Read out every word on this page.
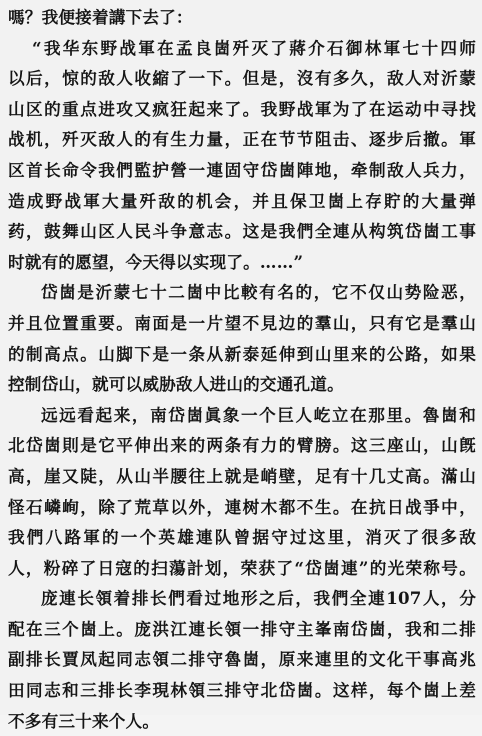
嗎？我便接着講下去了：
“我华东野战軍在孟良崮歼灭了蔣介石御林軍七十四师
以后，惊的敌人收縮了一下。但是，沒有多久，敌人对沂蒙
山区的重点进攻又疯狂起来了。我野战軍为了在运动中寻找
战机，歼灭敌人的有生力量，正在节节阻击、逐步后撤。軍
区首长命令我們監护營一連固守岱崮陣地，牵制敌人兵力，
造成野战軍大量歼敌的机会，并且保卫崮上存貯的大量弹
药，鼓舞山区人民斗争意志。这是我們全連从构筑岱崮工事
时就有的愿望，今天得以实现了。……”
岱崮是沂蒙七十二崮中比較有名的，它不仅山势险恶，
并且位置重要。南面是一片望不見边的羣山，只有它是羣山
的制高点。山脚下是一条从新泰延伸到山里来的公路，如果
控制岱山，就可以威胁敌人进山的交通孔道。
远远看起来，南岱崮眞象一个巨人屹立在那里。魯崮和
北岱崮則是它平伸出来的两条有力的臂膀。这三座山，山旣
高，崖又陡，从山半腰往上就是峭壁，足有十几丈高。滿山
怪石嶙峋，除了荒草以外，連树木都不生。在抗日战爭中，
我們八路軍的一个英雄連队曾据守过这里，消灭了很多敌
人，粉碎了日寇的扫蕩計划，荣获了“岱崮連”的光荣称号。
庞連长領着排长們看过地形之后，我們全連107人，分
配在三个崮上。庞洪江連长領一排守主峯南岱崮，我和二排
副排长賈凤起同志領二排守魯崮，原来連里的文化干事高兆
田同志和三排长李現林領三排守北岱崮。这样，每个崮上差
不多有三十来个人。
